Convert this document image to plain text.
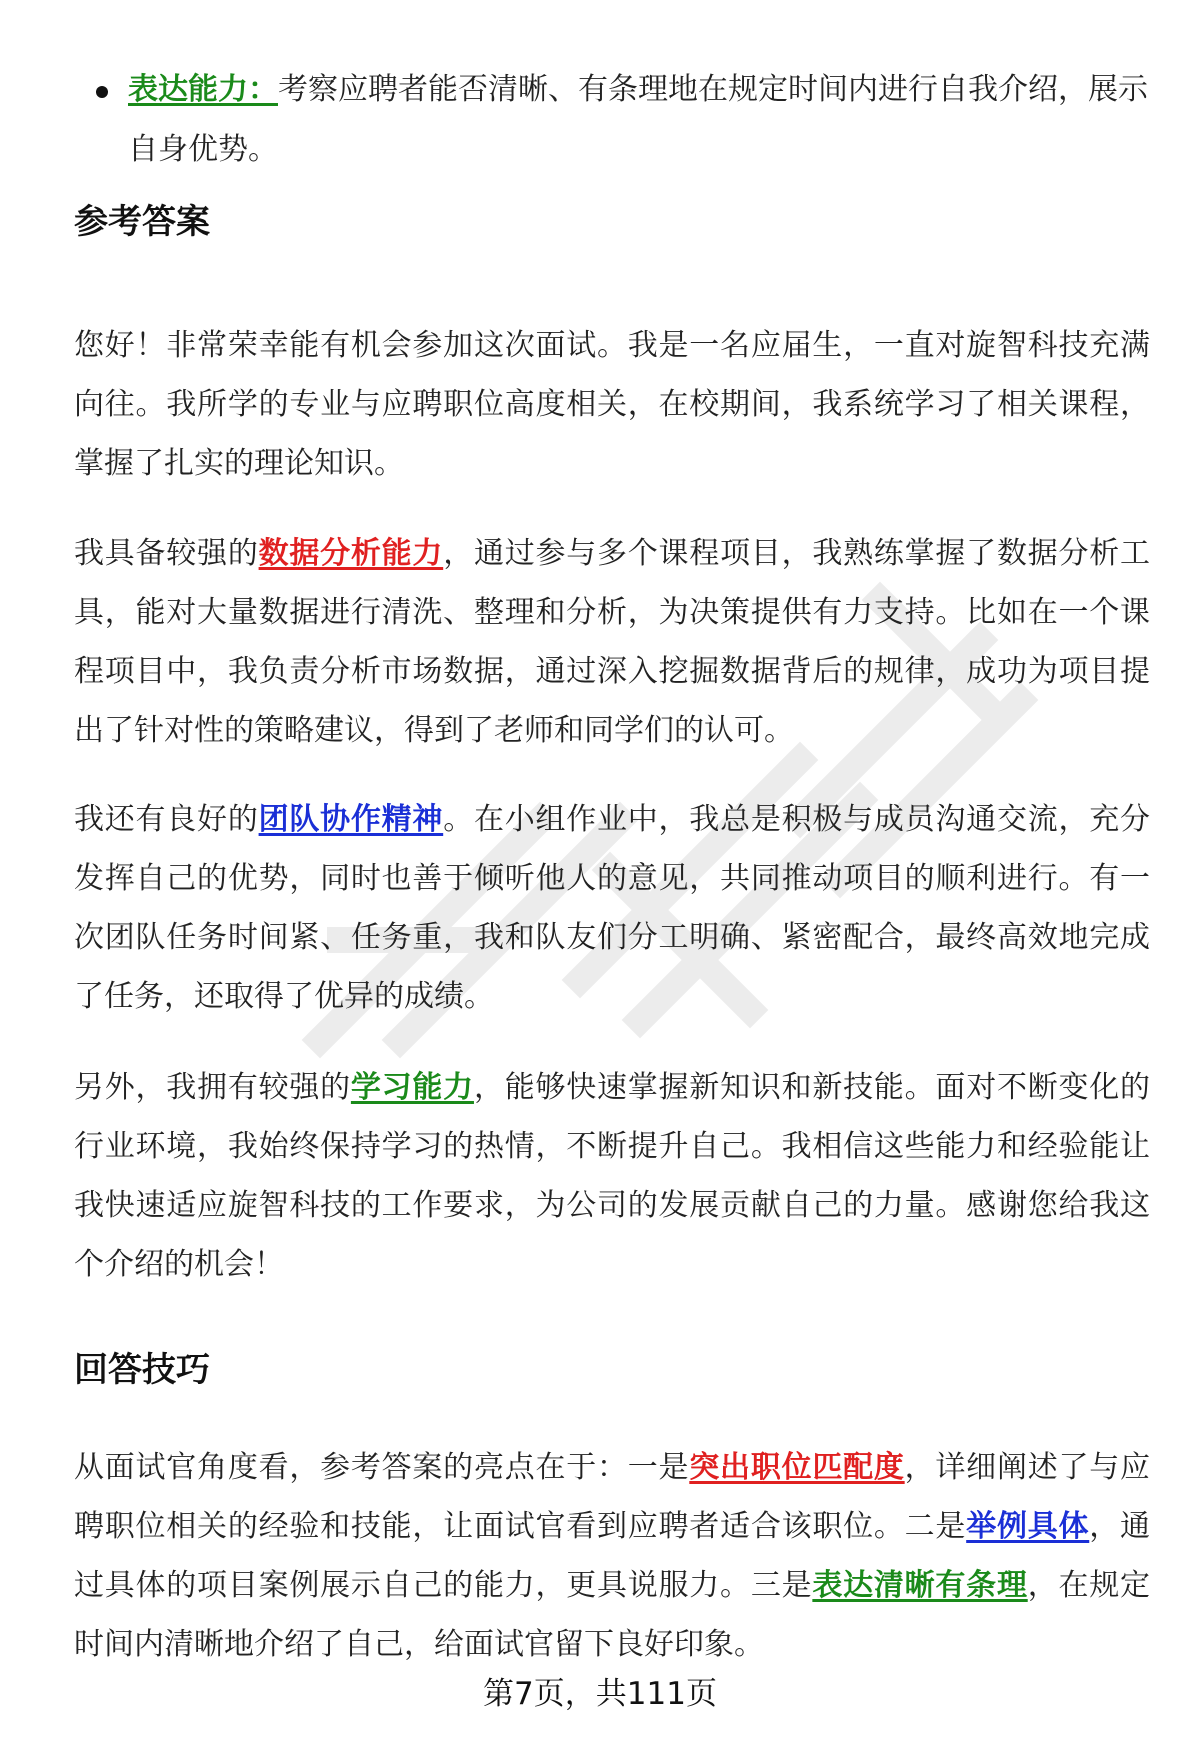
表达能力：考察应聘者能否清晰、有条理地在规定时间内进行自我介绍，展示自身优势。
参考答案

您好！非常荣幸能有机会参加这次面试。我是一名应届生，一直对旋智科技充满向往。我所学的专业与应聘职位高度相关，在校期间，我系统学习了相关课程，掌握了扎实的理论知识。

我具备较强的数据分析能力，通过参与多个课程项目，我熟练掌握了数据分析工具，能对大量数据进行清洗、整理和分析，为决策提供有力支持。比如在一个课程项目中，我负责分析市场数据，通过深入挖掘数据背后的规律，成功为项目提出了针对性的策略建议，得到了老师和同学们的认可。

我还有良好的团队协作精神。在小组作业中，我总是积极与成员沟通交流，充分发挥自己的优势，同时也善于倾听他人的意见，共同推动项目的顺利进行。有一次团队任务时间紧、任务重，我和队友们分工明确、紧密配合，最终高效地完成了任务，还取得了优异的成绩。

另外，我拥有较强的学习能力，能够快速掌握新知识和新技能。面对不断变化的行业环境，我始终保持学习的热情，不断提升自己。我相信这些能力和经验能让我快速适应旋智科技的工作要求，为公司的发展贡献自己的力量。感谢您给我这个介绍的机会！

回答技巧

从面试官角度看，参考答案的亮点在于：一是突出职位匹配度，详细阐述了与应聘职位相关的经验和技能，让面试官看到应聘者适合该职位。二是举例具体，通过具体的项目案例展示自己的能力，更具说服力。三是表达清晰有条理，在规定时间内清晰地介绍了自己，给面试官留下良好印象。

第7页，共111页
